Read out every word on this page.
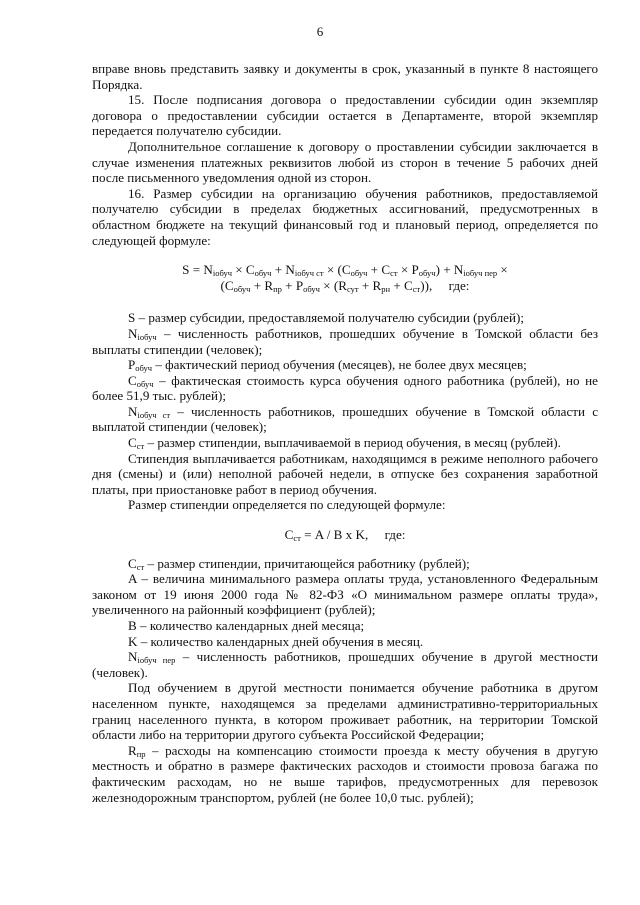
6

вправе вновь представить заявку и документы в срок, указанный в пункте 8 настоящего Порядка.

15. После подписания договора о предоставлении субсидии один экземпляр договора о предоставлении субсидии остается в Департаменте, второй экземпляр передается получателю субсидии.

Дополнительное соглашение к договору о проставлении субсидии заключается в случае изменения платежных реквизитов любой из сторон в течение 5 рабочих дней после письменного уведомления одной из сторон.

16. Размер субсидии на организацию обучения работников, предоставляемой получателю субсидии в пределах бюджетных ассигнований, предусмотренных в областном бюджете на текущий финансовый год и плановый период, определяется по следующей формуле:

$S = N_{iобуч} \times C_{обуч} + N_{iобуч ст} \times (C_{обуч} + C_{ст} \times P_{обуч}) + N_{iобуч пер}$ ×

$(C_{обуч} + R_{пр} + P_{обуч} \times (R_{сут} + R_{рн} + C_{ст}))$,     где:

S – размер субсидии, предоставляемой получателю субсидии (рублей);

$N_{iобуч}$ – численность работников, прошедших обучение в Томской области без выплаты стипендии (человек);

$P_{обуч}$ – фактический период обучения (месяцев), не более двух месяцев;

$C_{обуч}$ – фактическая стоимость курса обучения одного работника (рублей), но не более 51,9 тыс. рублей);

$N_{iобуч ст}$ – численность работников, прошедших обучение в Томской области с выплатой стипендии (человек);

$C_{ст}$ – размер стипендии, выплачиваемой в период обучения, в месяц (рублей).

Стипендия выплачивается работникам, находящимся в режиме неполного рабочего дня (смены) и (или) неполной рабочей недели, в отпуске без сохранения заработной платы, при приостановке работ в период обучения.

Размер стипендии определяется по следующей формуле:

$C_{ст} = A / B$ x K,     где:

$C_{ст}$ – размер стипендии, причитающейся работнику (рублей);

A – величина минимального размера оплаты труда, установленного Федеральным законом от 19 июня 2000 года № 82-ФЗ «О минимальном размере оплаты труда», увеличенного на районный коэффициент (рублей);

B – количество календарных дней месяца;

K – количество календарных дней обучения в месяц.

$N_{iобуч пер}$ – численность работников, прошедших обучение в другой местности (человек).

Под обучением в другой местности понимается обучение работника в другом населенном пункте, находящемся за пределами административно-территориальных границ населенного пункта, в котором проживает работник, на территории Томской области либо на территории другого субъекта Российской Федерации;

$R_{пр}$ – расходы на компенсацию стоимости проезда к месту обучения в другую местность и обратно в размере фактических расходов и стоимости провоза багажа по фактическим расходам, но не выше тарифов, предусмотренных для перевозок железнодорожным транспортом, рублей (не более 10,0 тыс. рублей);
